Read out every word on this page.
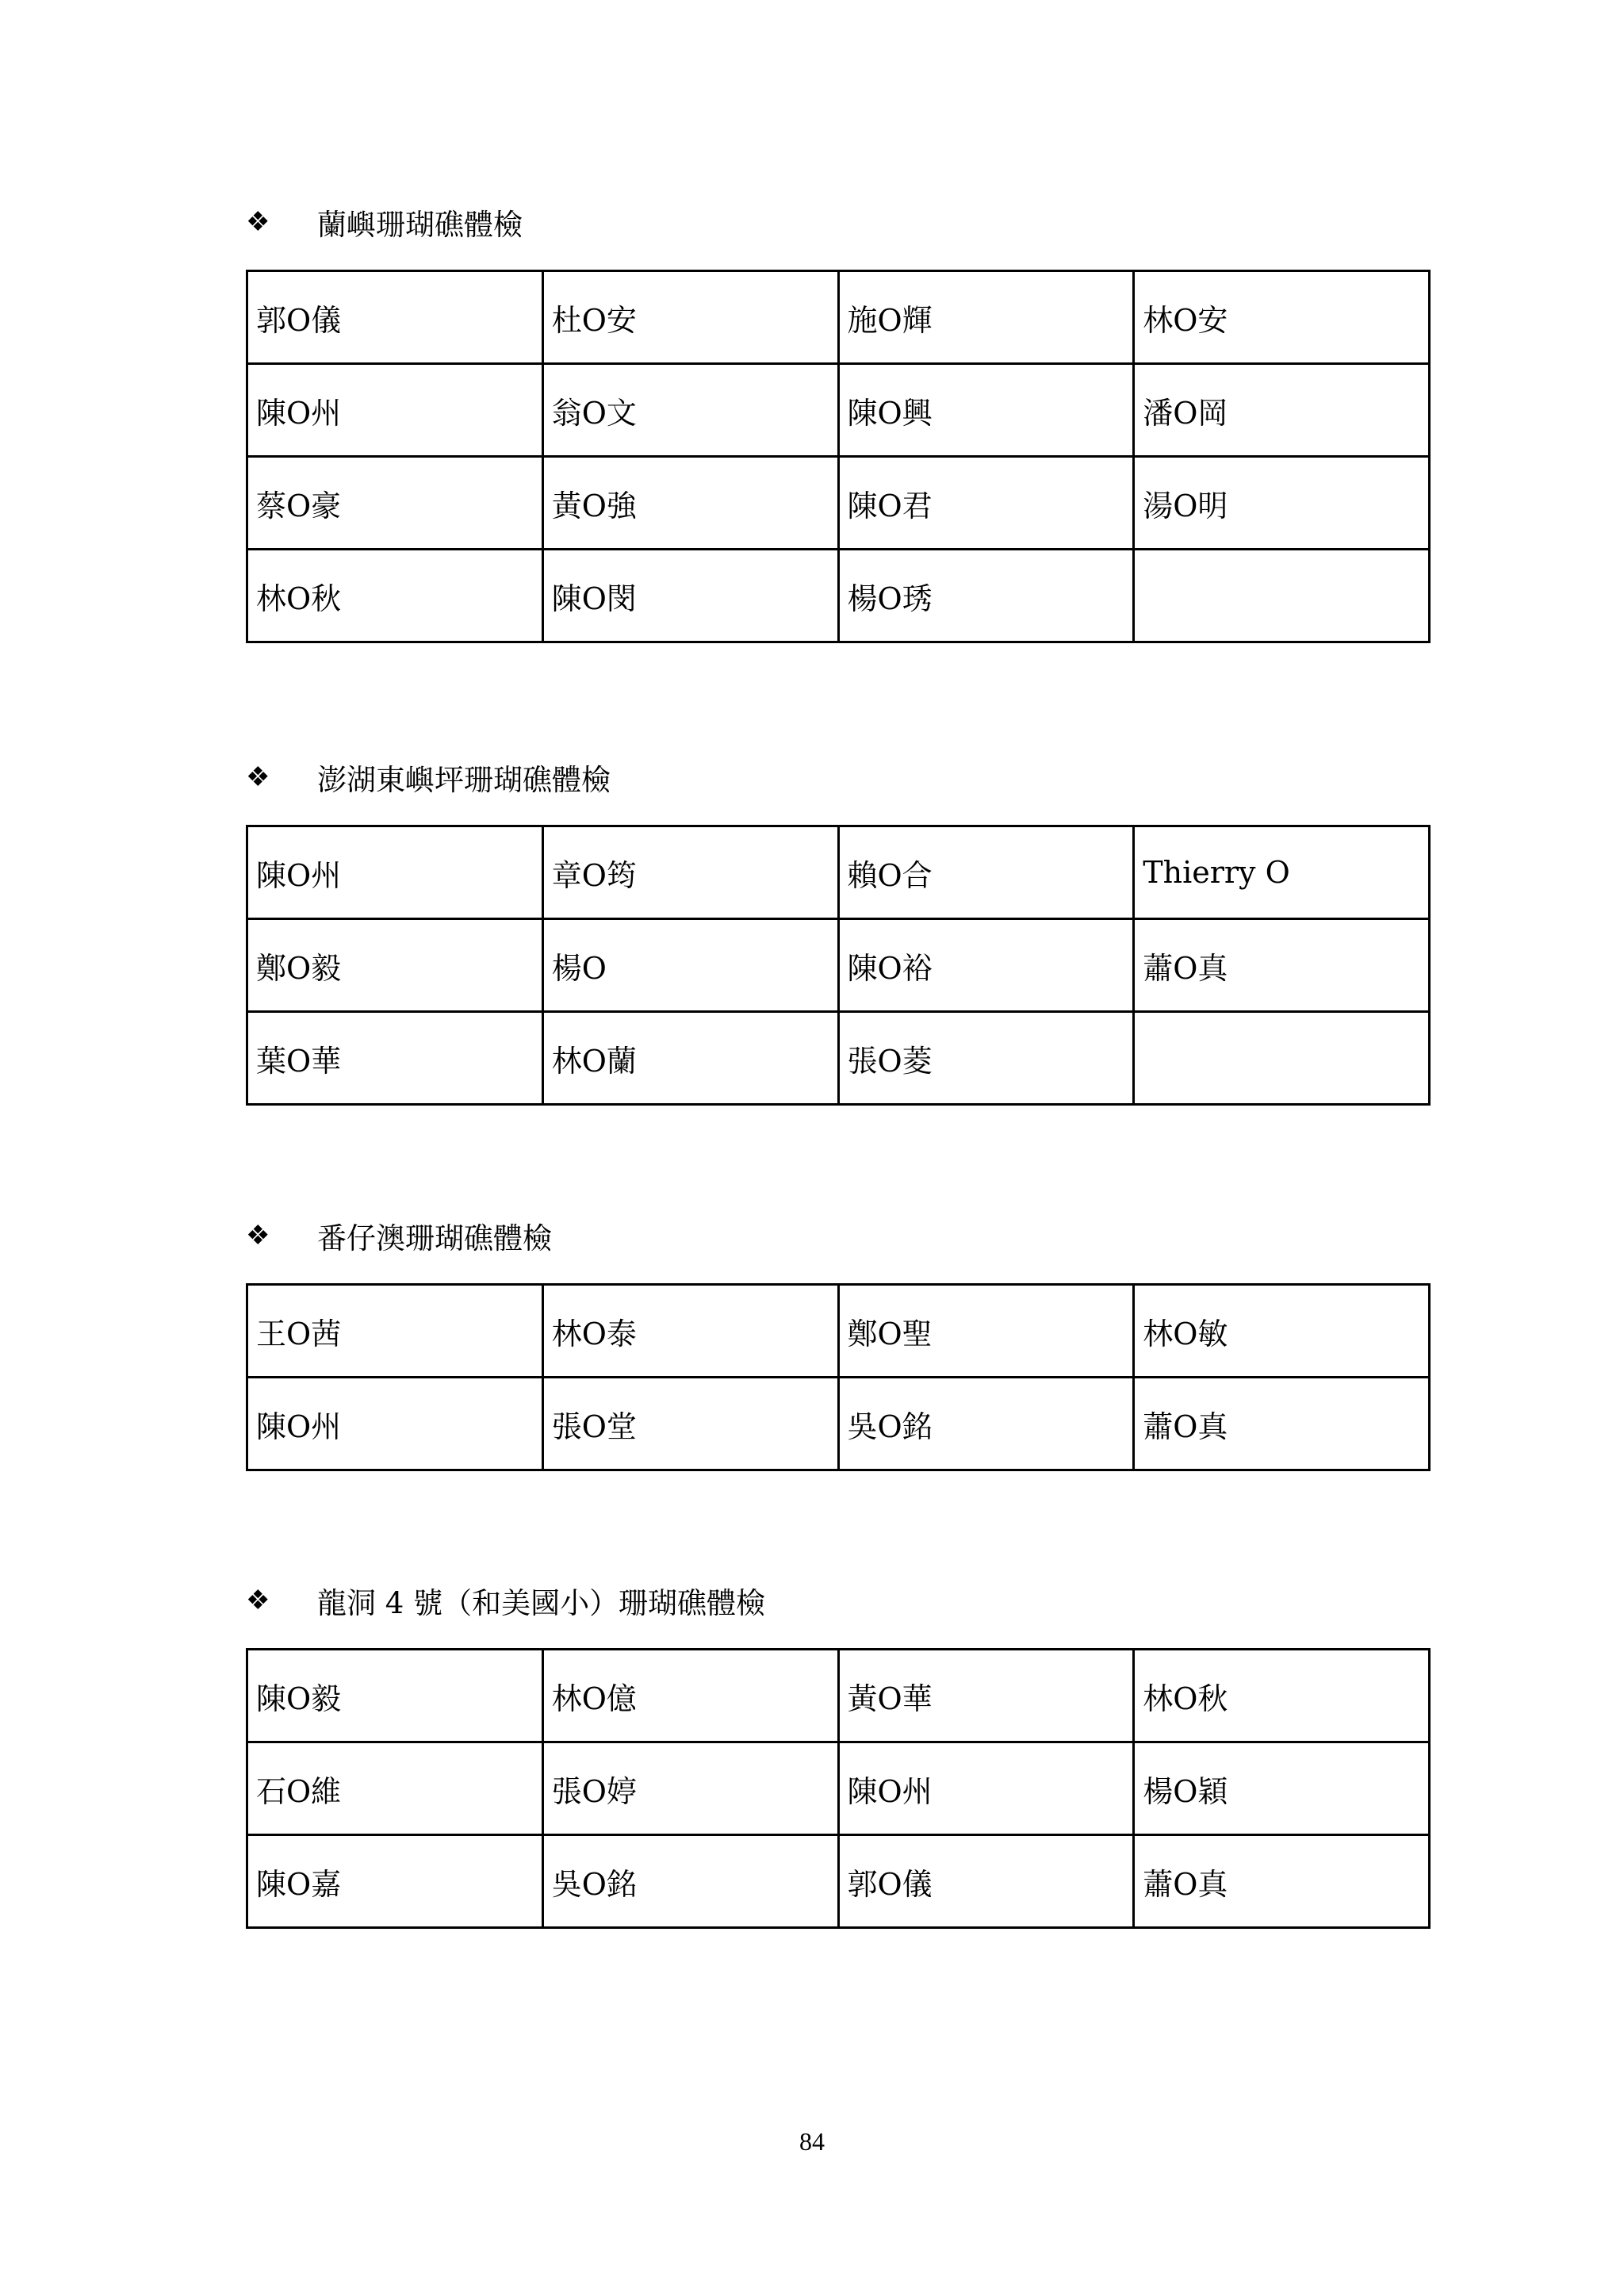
❖	蘭嶼珊瑚礁體檢
郭O儀	杜O安	施O輝	林O安
陳O州	翁O文	陳O興	潘O岡
蔡O豪	黃O強	陳O君	湯O明
林O秋	陳O閔	楊O琇	
❖	澎湖東嶼坪珊瑚礁體檢
陳O州	章O筠	賴O合	Thierry O
鄭O毅	楊O	陳O裕	蕭O真
葉O華	林O蘭	張O菱	
❖	番仔澳珊瑚礁體檢
王O茜	林O泰	鄭O聖	林O敏
陳O州	張O堂	吳O銘	蕭O真
❖	龍洞 4 號（和美國小）珊瑚礁體檢
陳O毅	林O億	黃O華	林O秋
石O維	張O婷	陳O州	楊O穎
陳O嘉	吳O銘	郭O儀	蕭O真
84
